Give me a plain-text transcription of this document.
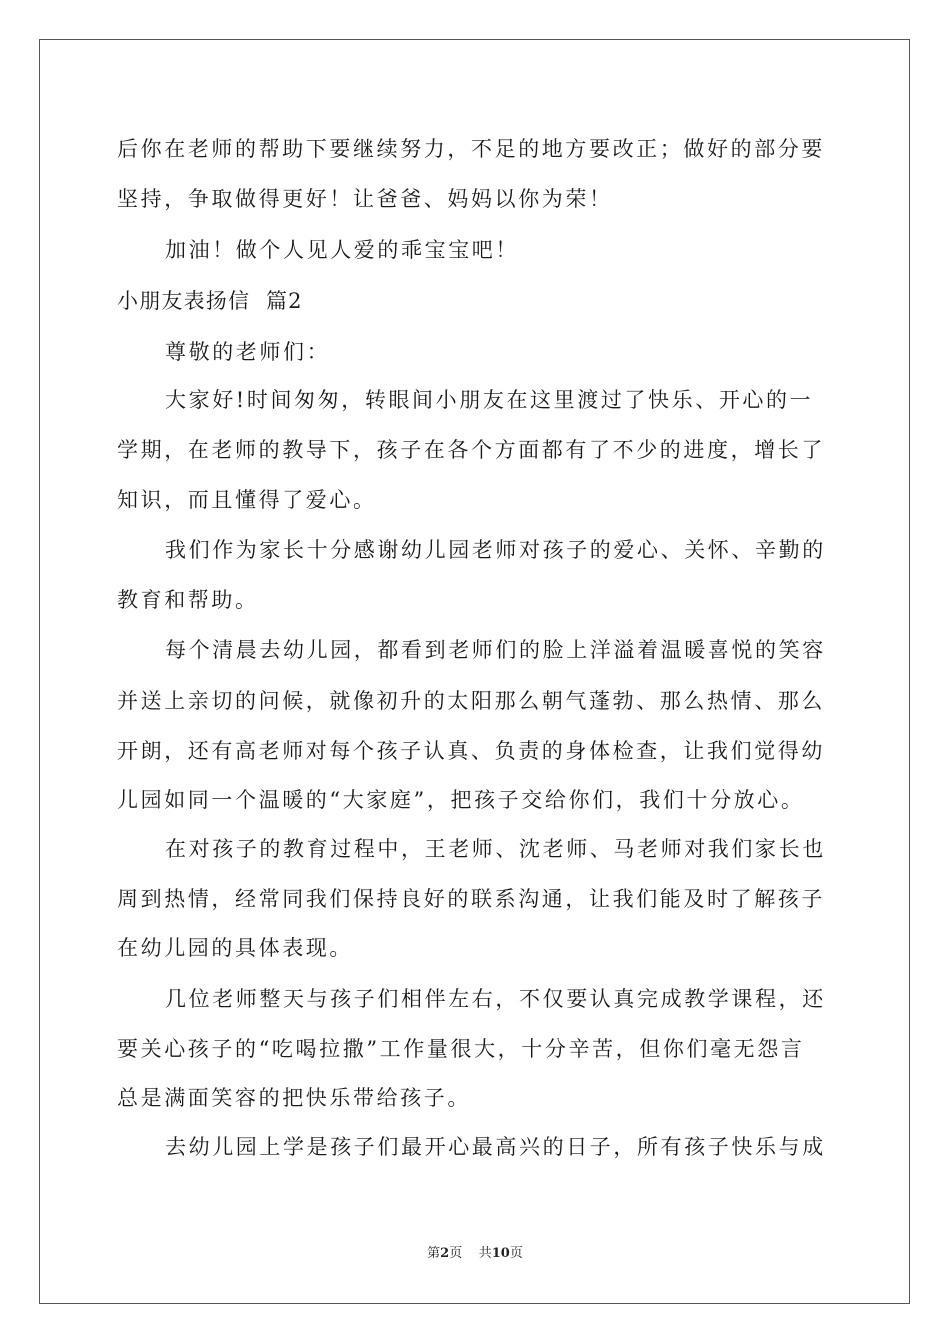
后你在老师的帮助下要继续努力，不足的地方要改正；做好的部分要
坚持，争取做得更好！让爸爸、妈妈以你为荣！
加油！做个人见人爱的乖宝宝吧！
小朋友表扬信  篇2
尊敬的老师们：
大家好!时间匆匆，转眼间小朋友在这里渡过了快乐、开心的一
学期，在老师的教导下，孩子在各个方面都有了不少的进度，增长了
知识，而且懂得了爱心。
我们作为家长十分感谢幼儿园老师对孩子的爱心、关怀、辛勤的
教育和帮助。
每个清晨去幼儿园，都看到老师们的脸上洋溢着温暖喜悦的笑容
并送上亲切的问候，就像初升的太阳那么朝气蓬勃、那么热情、那么
开朗，还有高老师对每个孩子认真、负责的身体检查，让我们觉得幼
儿园如同一个温暖的“大家庭”，把孩子交给你们，我们十分放心。
在对孩子的教育过程中，王老师、沈老师、马老师对我们家长也
周到热情，经常同我们保持良好的联系沟通，让我们能及时了解孩子
在幼儿园的具体表现。
几位老师整天与孩子们相伴左右，不仅要认真完成教学课程，还
要关心孩子的“吃喝拉撒”工作量很大，十分辛苦，但你们毫无怨言
总是满面笑容的把快乐带给孩子。
去幼儿园上学是孩子们最开心最高兴的日子，所有孩子快乐与成
第2页 共10页
